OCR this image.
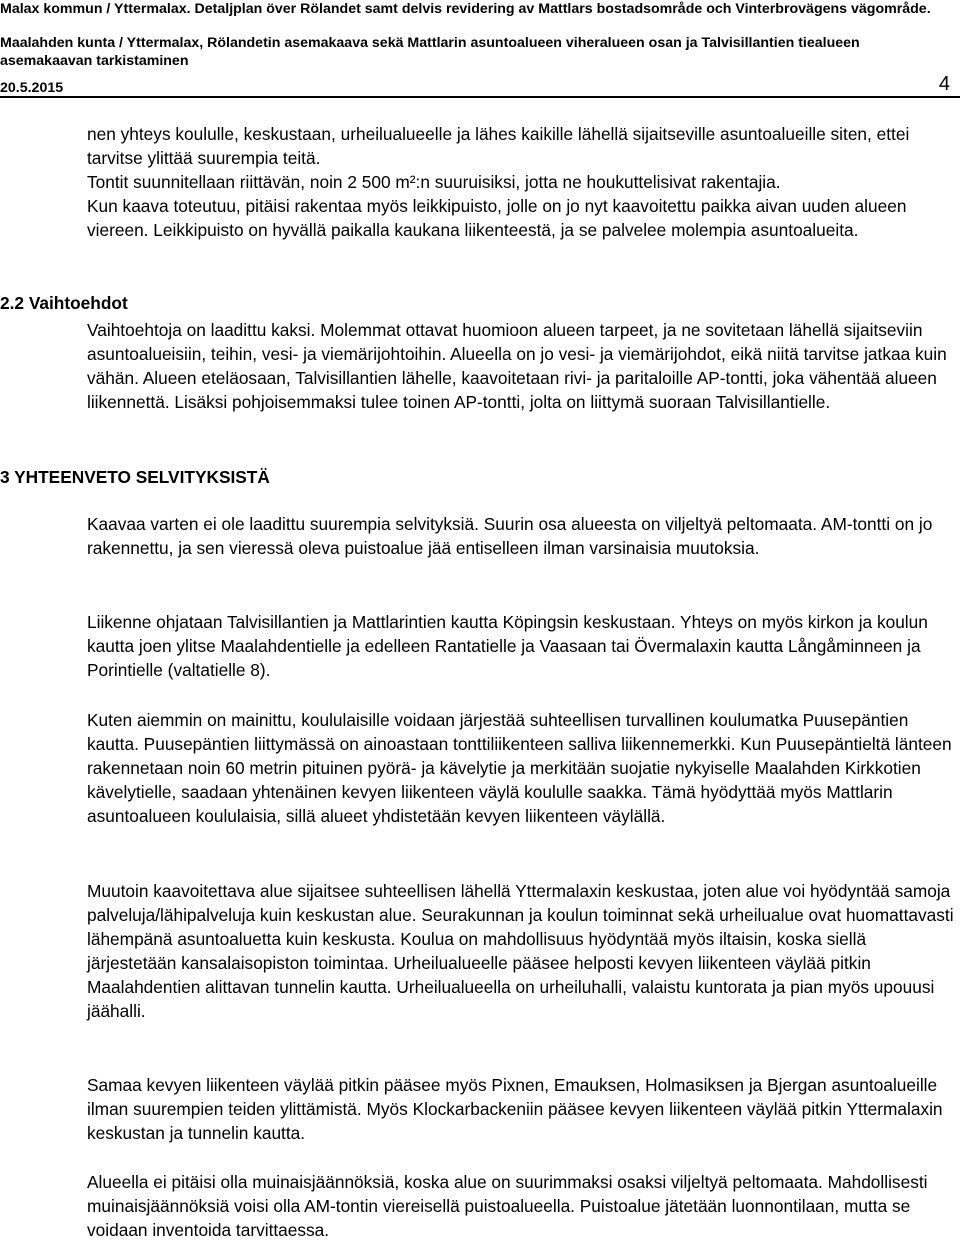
Malax kommun / Yttermalax. Detaljplan över Rölandet samt delvis revidering av Mattlars bostadsområde och Vinterbrovägens vägområde.
Maalahden kunta / Yttermalax, Rölandetin asemakaava sekä Mattlarin asuntoalueen viheralueen osan ja Talvisillantien tiealueen asemakaavan tarkistaminen
20.5.2015	4

nen yhteys koululle, keskustaan, urheilualueelle ja lähes kaikille lähellä sijaitseville asuntoalueille siten, ettei tarvitse ylittää suurempia teitä.

Tontit suunnitellaan riittävän, noin 2 500 m²:n suuruisiksi, jotta ne houkuttelisivat rakentajia.

Kun kaava toteutuu, pitäisi rakentaa myös leikkipuisto, jolle on jo nyt kaavoitettu paikka aivan uuden alueen viereen. Leikkipuisto on hyvällä paikalla kaukana liikenteestä, ja se palvelee molempia asuntoalueita.

2.2 Vaihtoehdot

Vaihtoehtoja on laadittu kaksi. Molemmat ottavat huomioon alueen tarpeet, ja ne sovitetaan lähellä sijaitseviin asuntoalueisiin, teihin, vesi- ja viemärijohtoihin. Alueella on jo vesi- ja viemärijohdot, eikä niitä tarvitse jatkaa kuin vähän. Alueen eteläosaan, Talvisillantien lähelle, kaavoitetaan rivi- ja paritaloille AP-tontti, joka vähentää alueen liikennettä. Lisäksi pohjoisemmaksi tulee toinen AP-tontti, jolta on liittymä suoraan Talvisillantielle.

3 YHTEENVETO SELVITYKSISTÄ

Kaavaa varten ei ole laadittu suurempia selvityksiä. Suurin osa alueesta on viljeltyä peltomaata. AM-tontti on jo rakennettu, ja sen vieressä oleva puistoalue jää entiselleen ilman varsinaisia muutoksia.

Liikenne ohjataan Talvisillantien ja Mattlarintien kautta Köpingsin keskustaan. Yhteys on myös kirkon ja koulun kautta joen ylitse Maalahdentielle ja edelleen Rantatielle ja Vaasaan tai Övermalaxin kautta Långåminneen ja Porintielle (valtatielle 8).

Kuten aiemmin on mainittu, koululaisille voidaan järjestää suhteellisen turvallinen koulumatka Puusepäntien kautta. Puusepäntien liittymässä on ainoastaan tonttiliikenteen salliva liikennemerkki. Kun Puusepäntieltä länteen rakennetaan noin 60 metrin pituinen pyörä- ja kävelytie ja merkitään suojatie nykyiselle Maalahden Kirkkotien kävelytielle, saadaan yhtenäinen kevyen liikenteen väylä koululle saakka. Tämä hyödyttää myös Mattlarin asuntoalueen koululaisia, sillä alueet yhdistetään kevyen liikenteen väylällä.

Muutoin kaavoitettava alue sijaitsee suhteellisen lähellä Yttermalaxin keskustaa, joten alue voi hyödyntää samoja palveluja/lähipalveluja kuin keskustan alue. Seurakunnan ja koulun toiminnat sekä urheilualue ovat huomattavasti lähempänä asuntoaluetta kuin keskusta. Koulua on mahdollisuus hyödyntää myös iltaisin, koska siellä järjestetään kansalaisopiston toimintaa. Urheilualueelle pääsee helposti kevyen liikenteen väylää pitkin Maalahdentien alittavan tunnelin kautta. Urheilualueella on urheiluhalli, valaistu kuntorata ja pian myös upouusi jäähalli.

Samaa kevyen liikenteen väylää pitkin pääsee myös Pixnen, Emauksen, Holmasiksen ja Bjergan asuntoalueille ilman suurempien teiden ylittämistä. Myös Klockarbackeniin pääsee kevyen liikenteen väylää pitkin Yttermalaxin keskustan ja tunnelin kautta.

Alueella ei pitäisi olla muinaisjäännöksiä, koska alue on suurimmaksi osaksi viljeltyä peltomaata. Mahdollisesti muinaisjäännöksiä voisi olla AM-tontin viereisellä puistoalueella. Puistoalue jätetään luonnontilaan, mutta se voidaan inventoida tarvittaessa.
